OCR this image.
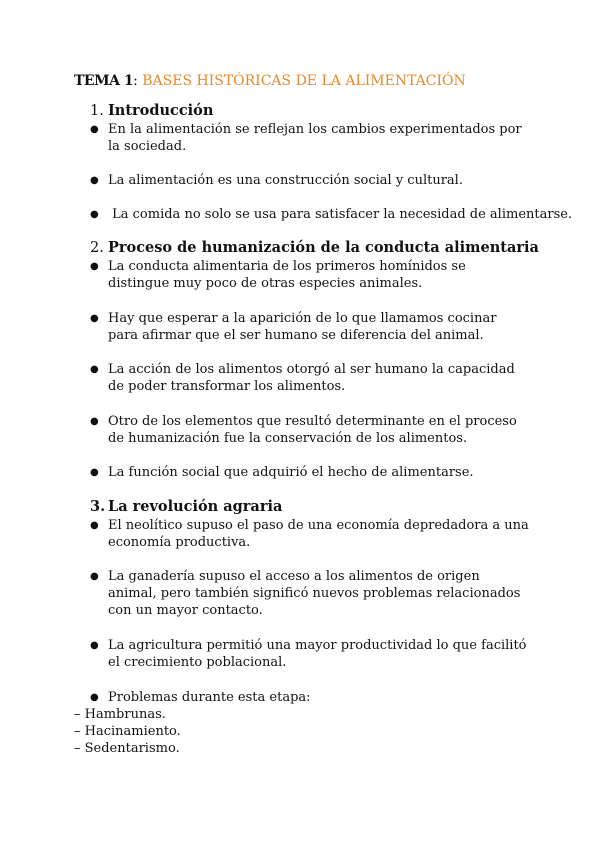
TEMA 1: BASES HISTÓRICAS DE LA ALIMENTACIÓN
1. Introducción
● En la alimentación se reflejan los cambios experimentados por la sociedad.
● La alimentación es una construcción social y cultural.
● La comida no solo se usa para satisfacer la necesidad de alimentarse.
2. Proceso de humanización de la conducta alimentaria
● La conducta alimentaria de los primeros homínidos se distingue muy poco de otras especies animales.
● Hay que esperar a la aparición de lo que llamamos cocinar para afirmar que el ser humano se diferencia del animal.
● La acción de los alimentos otorgó al ser humano la capacidad de poder transformar los alimentos.
● Otro de los elementos que resultó determinante en el proceso de humanización fue la conservación de los alimentos.
● La función social que adquirió el hecho de alimentarse.
3. La revolución agraria
● El neolítico supuso el paso de una economía depredadora a una economía productiva.
● La ganadería supuso el acceso a los alimentos de origen animal, pero también significó nuevos problemas relacionados con un mayor contacto.
● La agricultura permitió una mayor productividad lo que facilitó el crecimiento poblacional.
● Problemas durante esta etapa:
– Hambrunas.
– Hacinamiento.
– Sedentarismo.
